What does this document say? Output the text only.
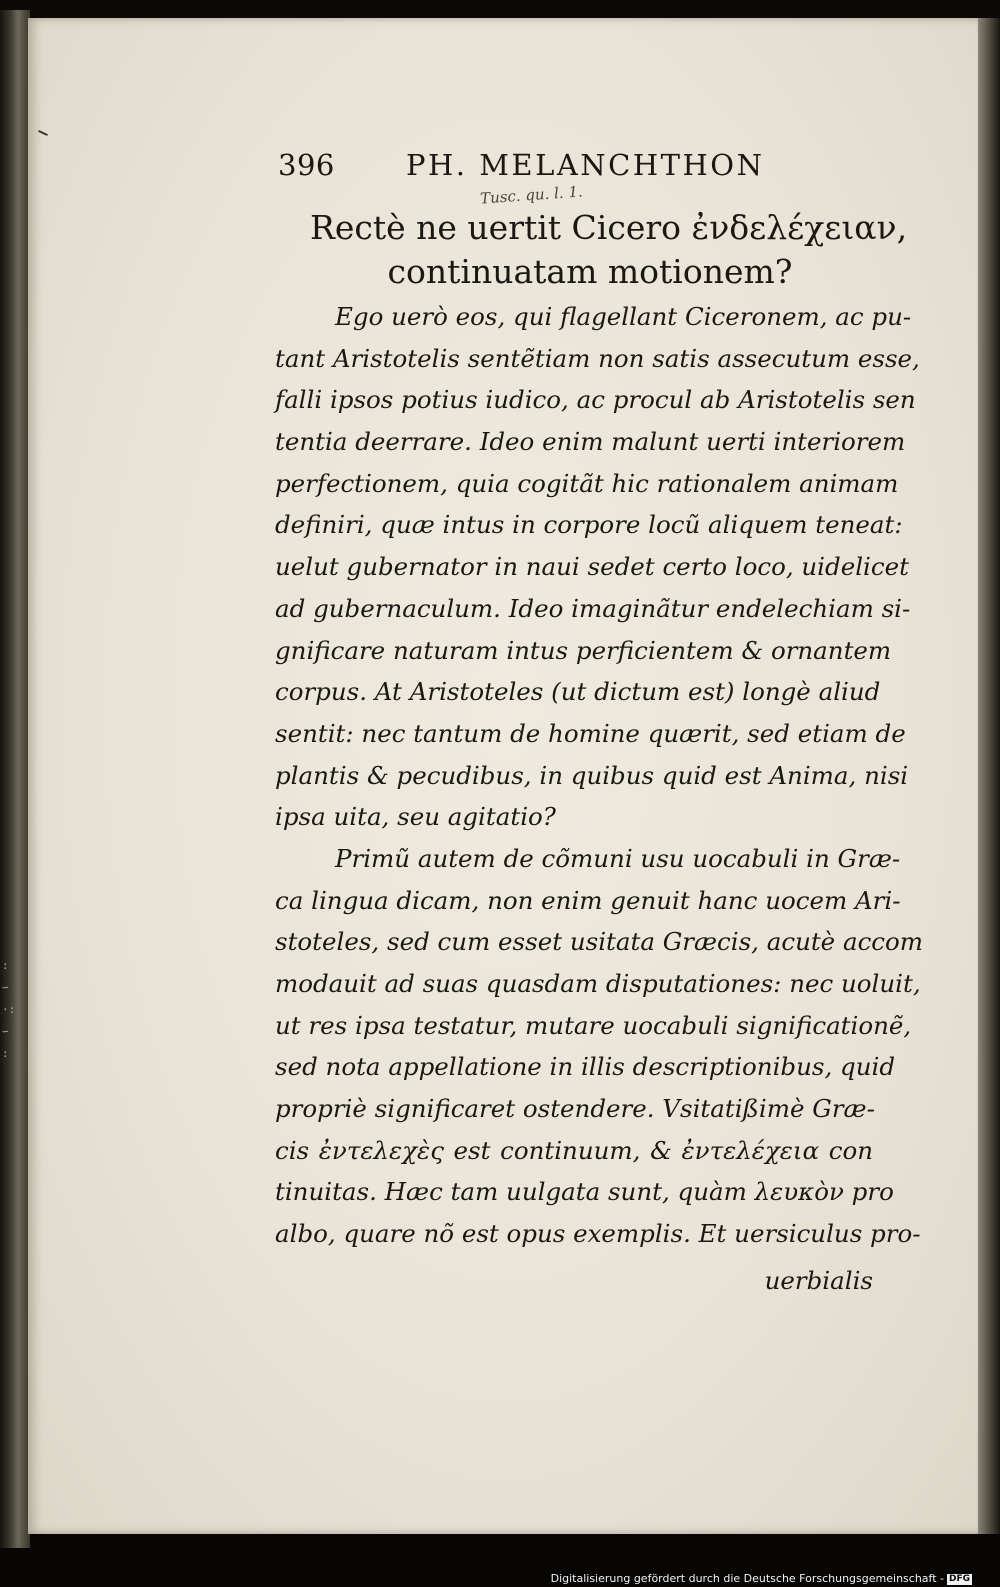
:
∽
·:
∽
:
396 PH. MELANCHTHON
Tusc. qu. l. 1.
Rectè ne uertit Cicero ἐνδελέχειαν,
continuatam motionem?
Ego uerò eos, qui flagellant Ciceronem, ac pu-
tant Aristotelis sentẽtiam non satis assecutum esse,
falli ipsos potius iudico, ac procul ab Aristotelis sen
tentia deerrare. Ideo enim malunt uerti interiorem
perfectionem, quia cogitãt hic rationalem animam
definiri, quæ intus in corpore locũ aliquem teneat:
uelut gubernator in naui sedet certo loco, uidelicet
ad gubernaculum. Ideo imaginãtur endelechiam si-
gnificare naturam intus perficientem & ornantem
corpus. At Aristoteles (ut dictum est) longè aliud
sentit: nec tantum de homine quærit, sed etiam de
plantis & pecudibus, in quibus quid est Anima, nisi
ipsa uita, seu agitatio?
Primũ autem de cõmuni usu uocabuli in Græ-
ca lingua dicam, non enim genuit hanc uocem Ari-
stoteles, sed cum esset usitata Græcis, acutè accom
modauit ad suas quasdam disputationes: nec uoluit,
ut res ipsa testatur, mutare uocabuli significationẽ,
sed nota appellatione in illis descriptionibus, quid
propriè significaret ostendere. Vsitatißimè Græ-
cis ἐντελεχὲς est continuum, & ἐντελέχεια con
tinuitas. Hæc tam uulgata sunt, quàm λευκὸν pro
albo, quare nõ est opus exemplis. Et uersiculus pro-
uerbialis
Digitalisierung gefördert durch die Deutsche Forschungsgemeinschaft - DFG
